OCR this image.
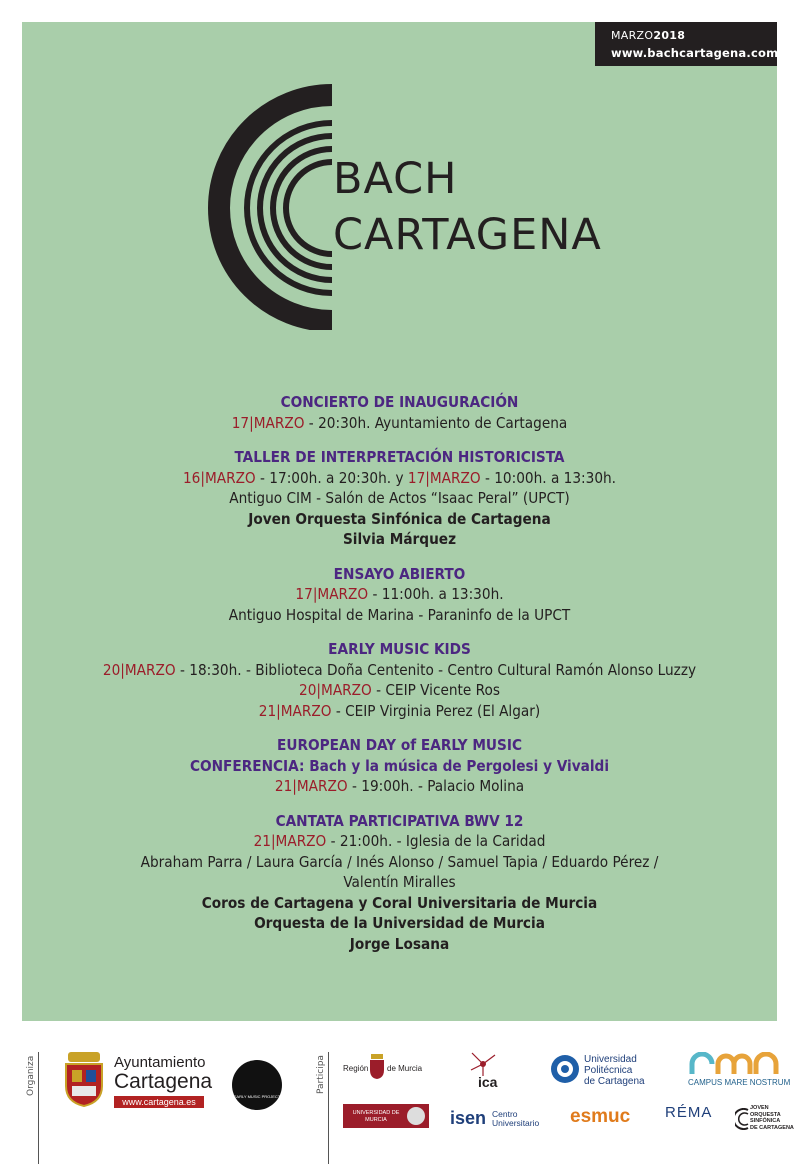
MARZO2018
www.bachcartagena.com
BACH
CARTAGENA
CONCIERTO DE INAUGURACIÓN
17|MARZO - 20:30h. Ayuntamiento de Cartagena
TALLER DE INTERPRETACIÓN HISTORICISTA
16|MARZO - 17:00h. a 20:30h. y 17|MARZO - 10:00h. a 13:30h.
Antiguo CIM - Salón de Actos “Isaac Peral” (UPCT)
Joven Orquesta Sinfónica de Cartagena
Silvia Márquez
ENSAYO ABIERTO
17|MARZO - 11:00h. a 13:30h.
Antiguo Hospital de Marina - Paraninfo de la UPCT
EARLY MUSIC KIDS
20|MARZO - 18:30h. - Biblioteca Doña Centenito - Centro Cultural Ramón Alonso Luzzy
20|MARZO - CEIP Vicente Ros
21|MARZO - CEIP Virginia Perez (El Algar)
EUROPEAN DAY of EARLY MUSIC
CONFERENCIA: Bach y la música de Pergolesi y Vivaldi
21|MARZO - 19:00h. - Palacio Molina
CANTATA PARTICIPATIVA BWV 12
21|MARZO - 21:00h. - Iglesia de la Caridad
Abraham Parra / Laura García / Inés Alonso / Samuel Tapia / Eduardo Pérez /
Valentín Miralles
Coros de Cartagena y Coral Universitaria de Murcia
Orquesta de la Universidad de Murcia
Jorge Losana
Organiza	Participa
Ayuntamiento
Cartagena
www.cartagena.es
EARLY MUSIC PROJECT
Región de Murcia
ica
Universidad
Politécnica
de Cartagena	CAMPUS MARE NOSTRUM
UNIVERSIDAD DE MURCIA	isen Centro
Universitario esmuc	RÉMA	JOVEN
ORQUESTA
SINFÓNICA
DE CARTAGENA
